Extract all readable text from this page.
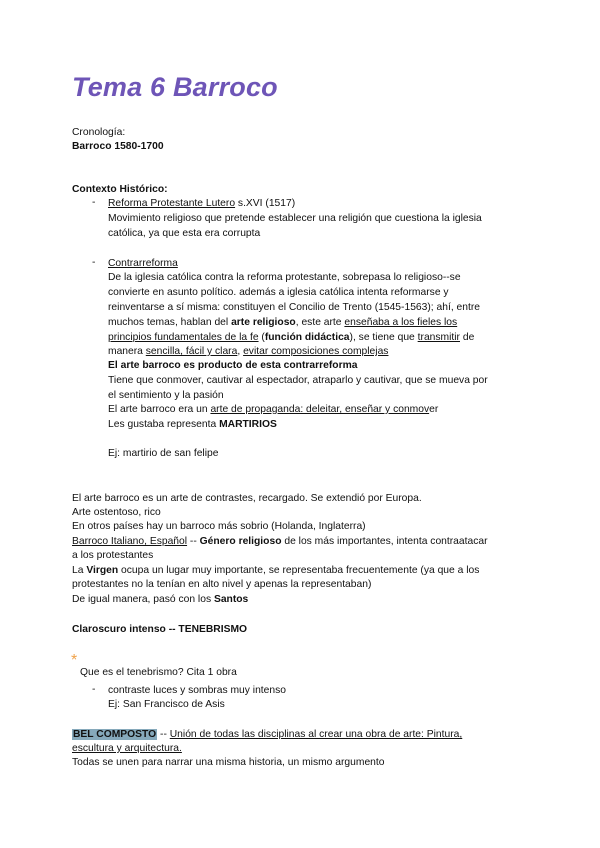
Tema 6 Barroco
Cronología:
Barroco 1580-1700
Contexto Histórico:
-	Reforma Protestante Lutero s.XVI (1517)
Movimiento religioso que pretende establecer una religión que cuestiona la iglesia
católica, ya que esta era corrupta
-	Contrarreforma
De la iglesia católica contra la reforma protestante, sobrepasa lo religioso--se
convierte en asunto político. además a iglesia católica intenta reformarse y
reinventarse a sí misma: constituyen el Concilio de Trento (1545-1563); ahí, entre
muchos temas, hablan del arte religioso, este arte enseñaba a los fieles los
principios fundamentales de la fe (función didáctica), se tiene que transmitir de
manera sencilla, fácil y clara, evitar composiciones complejas
El arte barroco es producto de esta contrarreforma
Tiene que conmover, cautivar al espectador, atraparlo y cautivar, que se mueva por
el sentimiento y la pasión
El arte barroco era un arte de propaganda: deleitar, enseñar y conmover
Les gustaba representa MARTIRIOS
Ej: martirio de san felipe
El arte barroco es un arte de contrastes, recargado. Se extendió por Europa.
Arte ostentoso, rico
En otros países hay un barroco más sobrio (Holanda, Inglaterra)
Barroco Italiano, Español -- Género religioso de los más importantes, intenta contraatacar
a los protestantes
La Virgen ocupa un lugar muy importante, se representaba frecuentemente (ya que a los
protestantes no la tenían en alto nivel y apenas la representaban)
De igual manera, pasó con los Santos
Claroscuro intenso -- TENEBRISMO
*
Que es el tenebrismo? Cita 1 obra
-	contraste luces y sombras muy intenso
Ej: San Francisco de Asis
BEL COMPOSTO -- Unión de todas las disciplinas al crear una obra de arte: Pintura,
escultura y arquitectura.
Todas se unen para narrar una misma historia, un mismo argumento
